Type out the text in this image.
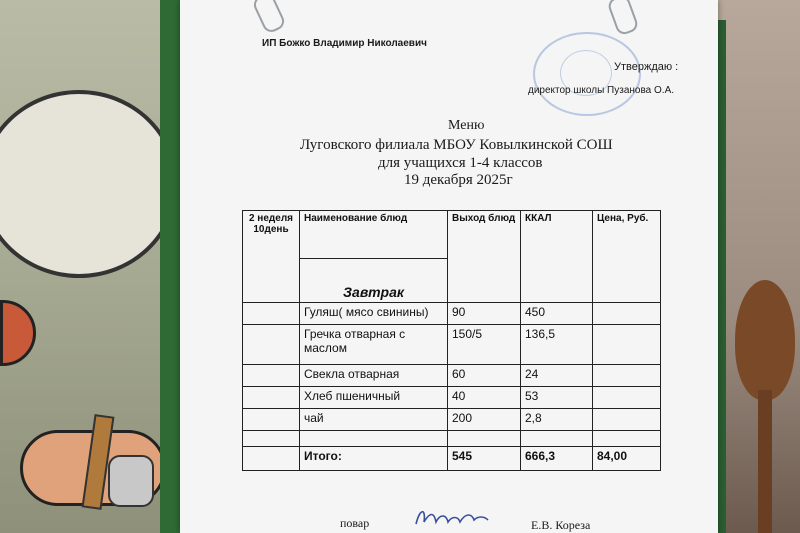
ИП Божко Владимир Николаевич
Утверждаю :
директор школы Пузанова О.А.
Меню
Луговского филиала МБОУ Ковылкинской СОШ
для учащихся 1-4 классов
19 декабря 2025г
2 неделя 10день	Наименование блюд	Выход блюд	ККАЛ	Цена, Руб.
	Завтрак			
	Гуляш( мясо свинины)	90	450	
	Гречка отварная с маслом	150/5	136,5	
	Свекла отварная	60	24	
	Хлеб пшеничный	40	53	
	чай	200	2,8	

	Итого:	545	666,3	84,00
повар	Е.В. Кореза
